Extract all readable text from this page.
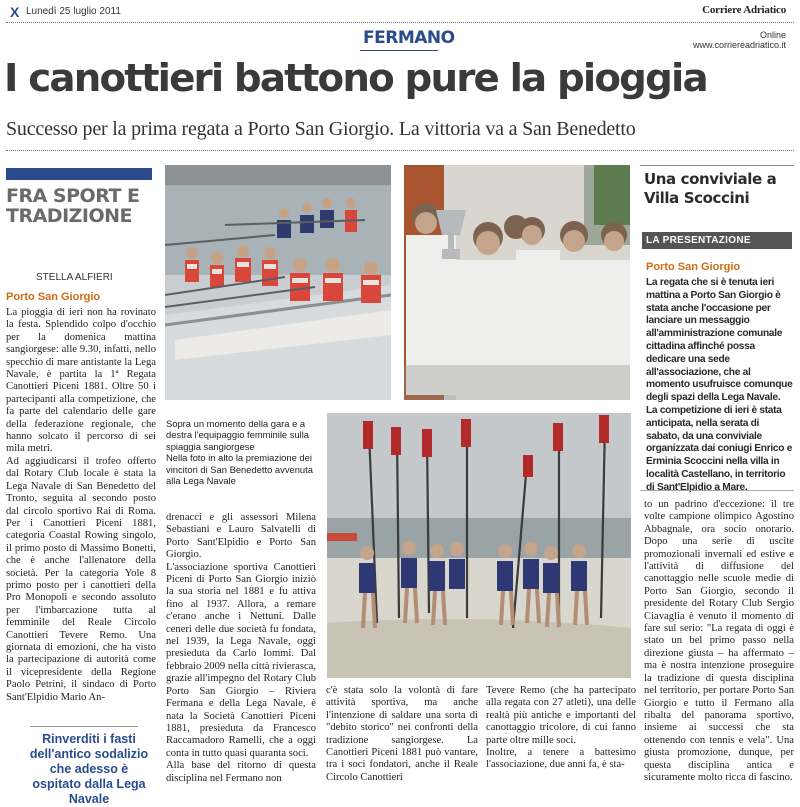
X Lunedì 25 luglio 2011	Corriere Adriatico
FERMANO	Online
www.corriereadriatico.it
I canottieri battono pure la pioggia
Successo per la prima regata a Porto San Giorgio. La vittoria va a San Benedetto
FRA SPORT E TRADIZIONE
STELLA ALFIERI
Porto San Giorgio
La pioggia di ieri non ha rovinato la festa. Splendido colpo d'occhio per la domenica mattina sangiorgese: alle 9.30, infatti, nello specchio di mare antistante la Lega Navale, è partita la 1ª Regata Canottieri Piceni 1881. Oltre 50 i partecipanti alla competizione, che fa parte del calendario delle gare della federazione regionale, che hanno solcato il percorso di sei mila metri.
Ad aggiudicarsi il trofeo offerto dal Rotary Club locale è stata la Lega Navale di San Benedetto del Tronto, seguita al secondo posto dal circolo sportivo Rai di Roma. Per i Canottieri Piceni 1881, categoria Coastal Rowing singolo, il primo posto di Massimo Bonetti, che è anche l'allenatore della società. Per la categoria Yole 8 primo posto per i canottieri della Pro Monopoli e secondo assoluto per l'imbarcazione tutta al femminile del Reale Circolo Canottieri Tevere Remo. Una giornata di emozioni, che ha visto la partecipazione di autorità come il vicepresidente della Regione Paolo Petrini, il sindaco di Porto Sant'Elpidio Mario An-
drenacci e gli assessori Milena Sebastiani e Lauro Salvatelli di Porto Sant'Elpidio e Porto San Giorgio.
L'associazione sportiva Canottieri Piceni di Porto San Giorgio iniziò la sua storia nel 1881 e fu attiva fino al 1937. Allora, a remare c'erano anche i Nettuni. Dalle ceneri delle due società fu fondata, nel 1939, la Lega Navale, oggi presieduta da Carlo Iommi. Dal febbraio 2009 nella città rivierasca, grazie all'impegno del Rotary Club Porto San Giorgio – Riviera Fermana e della Lega Navale, è nata la Società Canottieri Piceni 1881, presieduta da Francesco Raccamadoro Ramelli, che a oggi conta in tutto quasi quaranta soci.
Alla base del ritorno di questa disciplina nel Fermano non
c'è stata solo la volontà di fare attività sportiva, ma anche l'intenzione di saldare una sorta di "debito storico" nei confronti della tradizione sangiorgese. La Canottieri Piceni 1881 può vantare, tra i soci fondatori, anche il Reale Circolo Canottieri
Tevere Remo (che ha partecipato alla regata con 27 atleti), una delle realtà più antiche e importanti del canottaggio tricolore, di cui fanno parte oltre mille soci.
Inoltre, a tenere a battesimo l'associazione, due anni fa, è sta-
to un padrino d'eccezione: il tre volte campione olimpico Agostino Abbagnale, ora socio onorario. Dopo una serie di uscite promozionali invernali ed estive e l'attività di diffusione del canottaggio nelle scuole medie di Porto San Giorgio, secondo il presidente del Rotary Club Sergio Ciavaglia è venuto il momento di fare sul serio: "La regata di oggi è stato un bel primo passo nella direzione giusta – ha affermato – ma è nostra intenzione proseguire la tradizione di questa disciplina nel territorio, per portare Porto San Giorgio e tutto il Fermano alla ribalta del panorama sportivo, insieme ai successi che sta ottenendo con tennis e vela". Una giusta promozione, dunque, per questa disciplina antica e sicuramente molto ricca di fascino.
Rinverditi i fasti dell'antico sodalizio che adesso è ospitato dalla Lega Navale
Sopra un momento della gara e a destra l'equipaggio femminile sulla spiaggia sangiorgese
Nella foto in alto la premiazione dei vincitori di San Benedetto avvenuta alla Lega Navale
Una conviviale a Villa Scoccini
LA PRESENTAZIONE
Porto San Giorgio
La regata che si è tenuta ieri mattina a Porto San Giorgio è stata anche l'occasione per lanciare un messaggio all'amministrazione comunale cittadina affinché possa dedicare una sede all'associazione, che al momento usufruisce comunque degli spazi della Lega Navale. La competizione di ieri è stata anticipata, nella serata di sabato, da una conviviale organizzata dai coniugi Enrico e Erminia Scoccini nella villa in località Castellano, in territorio di Sant'Elpidio a Mare.
